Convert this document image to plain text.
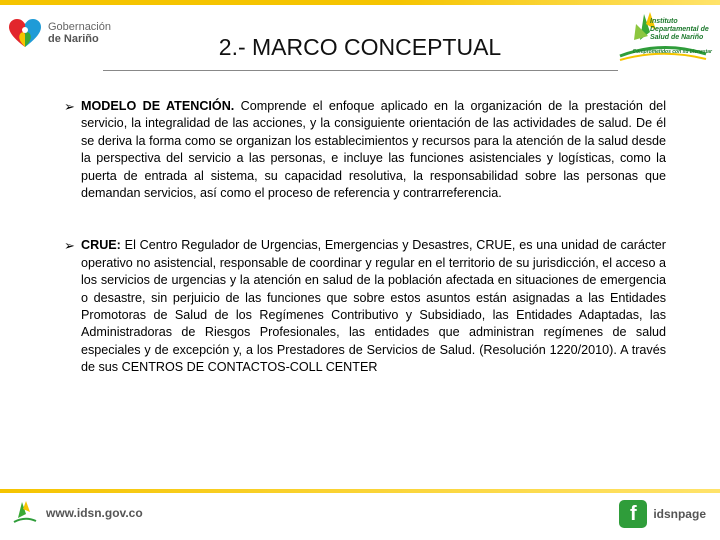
Gobernación
de Nariño	2.- MARCO CONCEPTUAL
Instituto Departamental de Salud de Nariño
Comprometidos con su bienestar
➢ MODELO DE ATENCIÓN. Comprende el enfoque aplicado en la organización de la prestación del servicio, la integralidad de las acciones, y la consiguiente orientación de las actividades de salud. De él se deriva la forma como se organizan los establecimientos y recursos para la atención de la salud desde la perspectiva del servicio a las personas, e incluye las funciones asistenciales y logísticas, como la puerta de entrada al sistema, su capacidad resolutiva, la responsabilidad sobre las personas que demandan servicios, así como el proceso de referencia y contrarreferencia.

➢ CRUE: El Centro Regulador de Urgencias, Emergencias y Desastres, CRUE, es una unidad de carácter operativo no asistencial, responsable de coordinar y regular en el territorio de su jurisdicción, el acceso a los servicios de urgencias y la atención en salud de la población afectada en situaciones de emergencia o desastre, sin perjuicio de las funciones que sobre estos asuntos están asignadas a las Entidades Promotoras de Salud de los Regímenes Contributivo y Subsidiado, las Entidades Adaptadas, las Administradoras de Riesgos Profesionales, las entidades que administran regímenes de salud especiales y de excepción y, a los Prestadores de Servicios de Salud. (Resolución 1220/2010). A través de sus CENTROS DE CONTACTOS-COLL CENTER

www.idsn.gov.co	f	idsnpage
